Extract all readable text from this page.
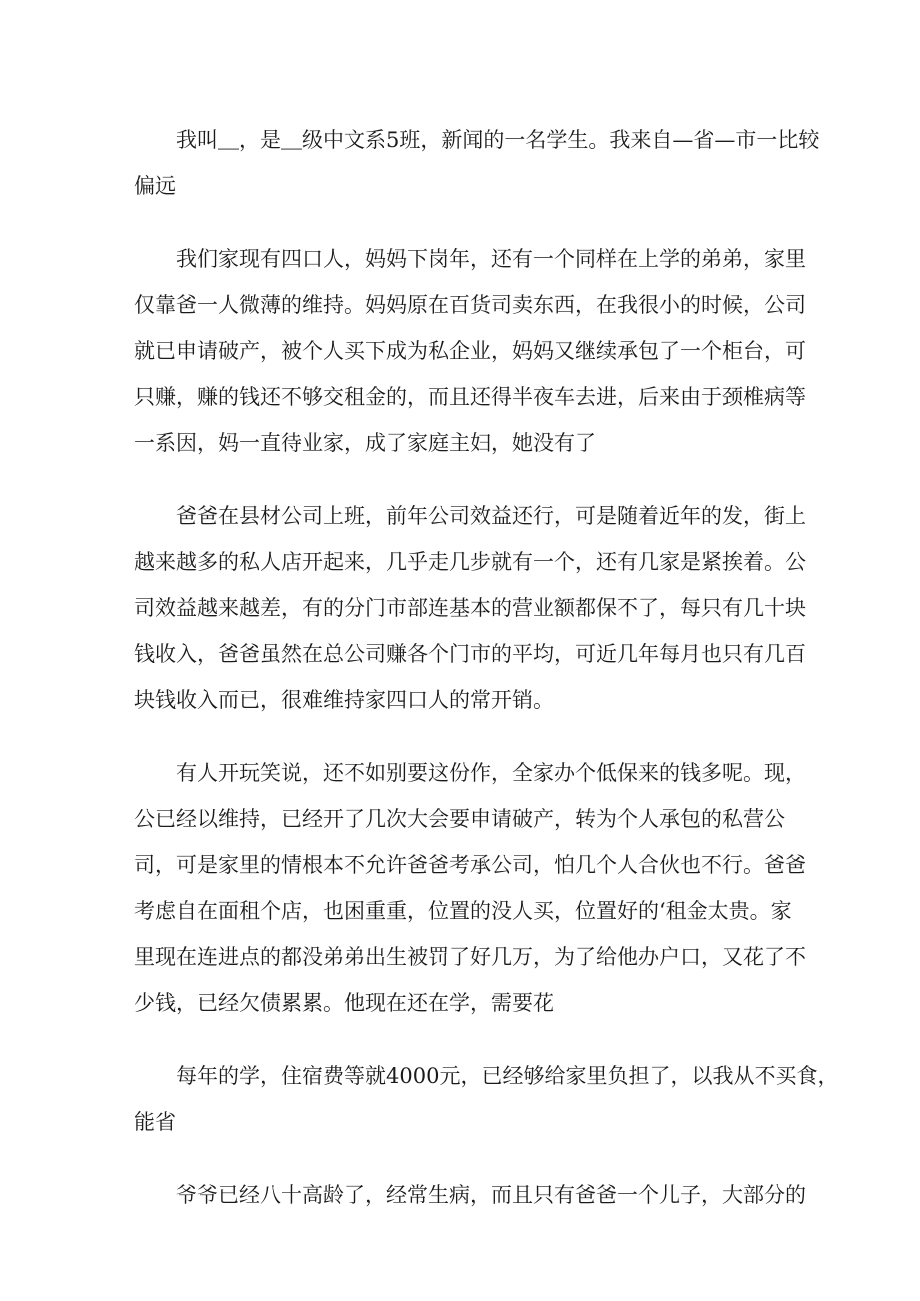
我叫＿，是＿级中文系5班，新闻的一名学生。我来自—省—市一比较
偏远
我们家现有四口人，妈妈下岗年，还有一个同样在上学的弟弟，家里
仅靠爸一人微薄的维持。妈妈原在百货司卖东西，在我很小的时候，公司
就已申请破产，被个人买下成为私企业，妈妈又继续承包了一个柜台，可
只赚，赚的钱还不够交租金的，而且还得半夜车去进，后来由于颈椎病等
一系因，妈一直待业家，成了家庭主妇，她没有了
爸爸在县材公司上班，前年公司效益还行，可是随着近年的发，街上
越来越多的私人店开起来，几乎走几步就有一个，还有几家是紧挨着。公
司效益越来越差，有的分门市部连基本的营业额都保不了，每只有几十块
钱收入，爸爸虽然在总公司赚各个门市的平均，可近几年每月也只有几百
块钱收入而已，很难维持家四口人的常开销。
有人开玩笑说，还不如别要这份作，全家办个低保来的钱多呢。现，
公已经以维持，已经开了几次大会要申请破产，转为个人承包的私营公
司，可是家里的情根本不允许爸爸考承公司，怕几个人合伙也不行。爸爸
考虑自在面租个店，也困重重，位置的没人买，位置好的‘租金太贵。家
里现在连进点的都没弟弟出生被罚了好几万，为了给他办户口，又花了不
少钱，已经欠债累累。他现在还在学，需要花
每年的学，住宿费等就4000元，已经够给家里负担了，以我从不买食，
能省
爷爷已经八十高龄了，经常生病，而且只有爸爸一个儿子，大部分的
